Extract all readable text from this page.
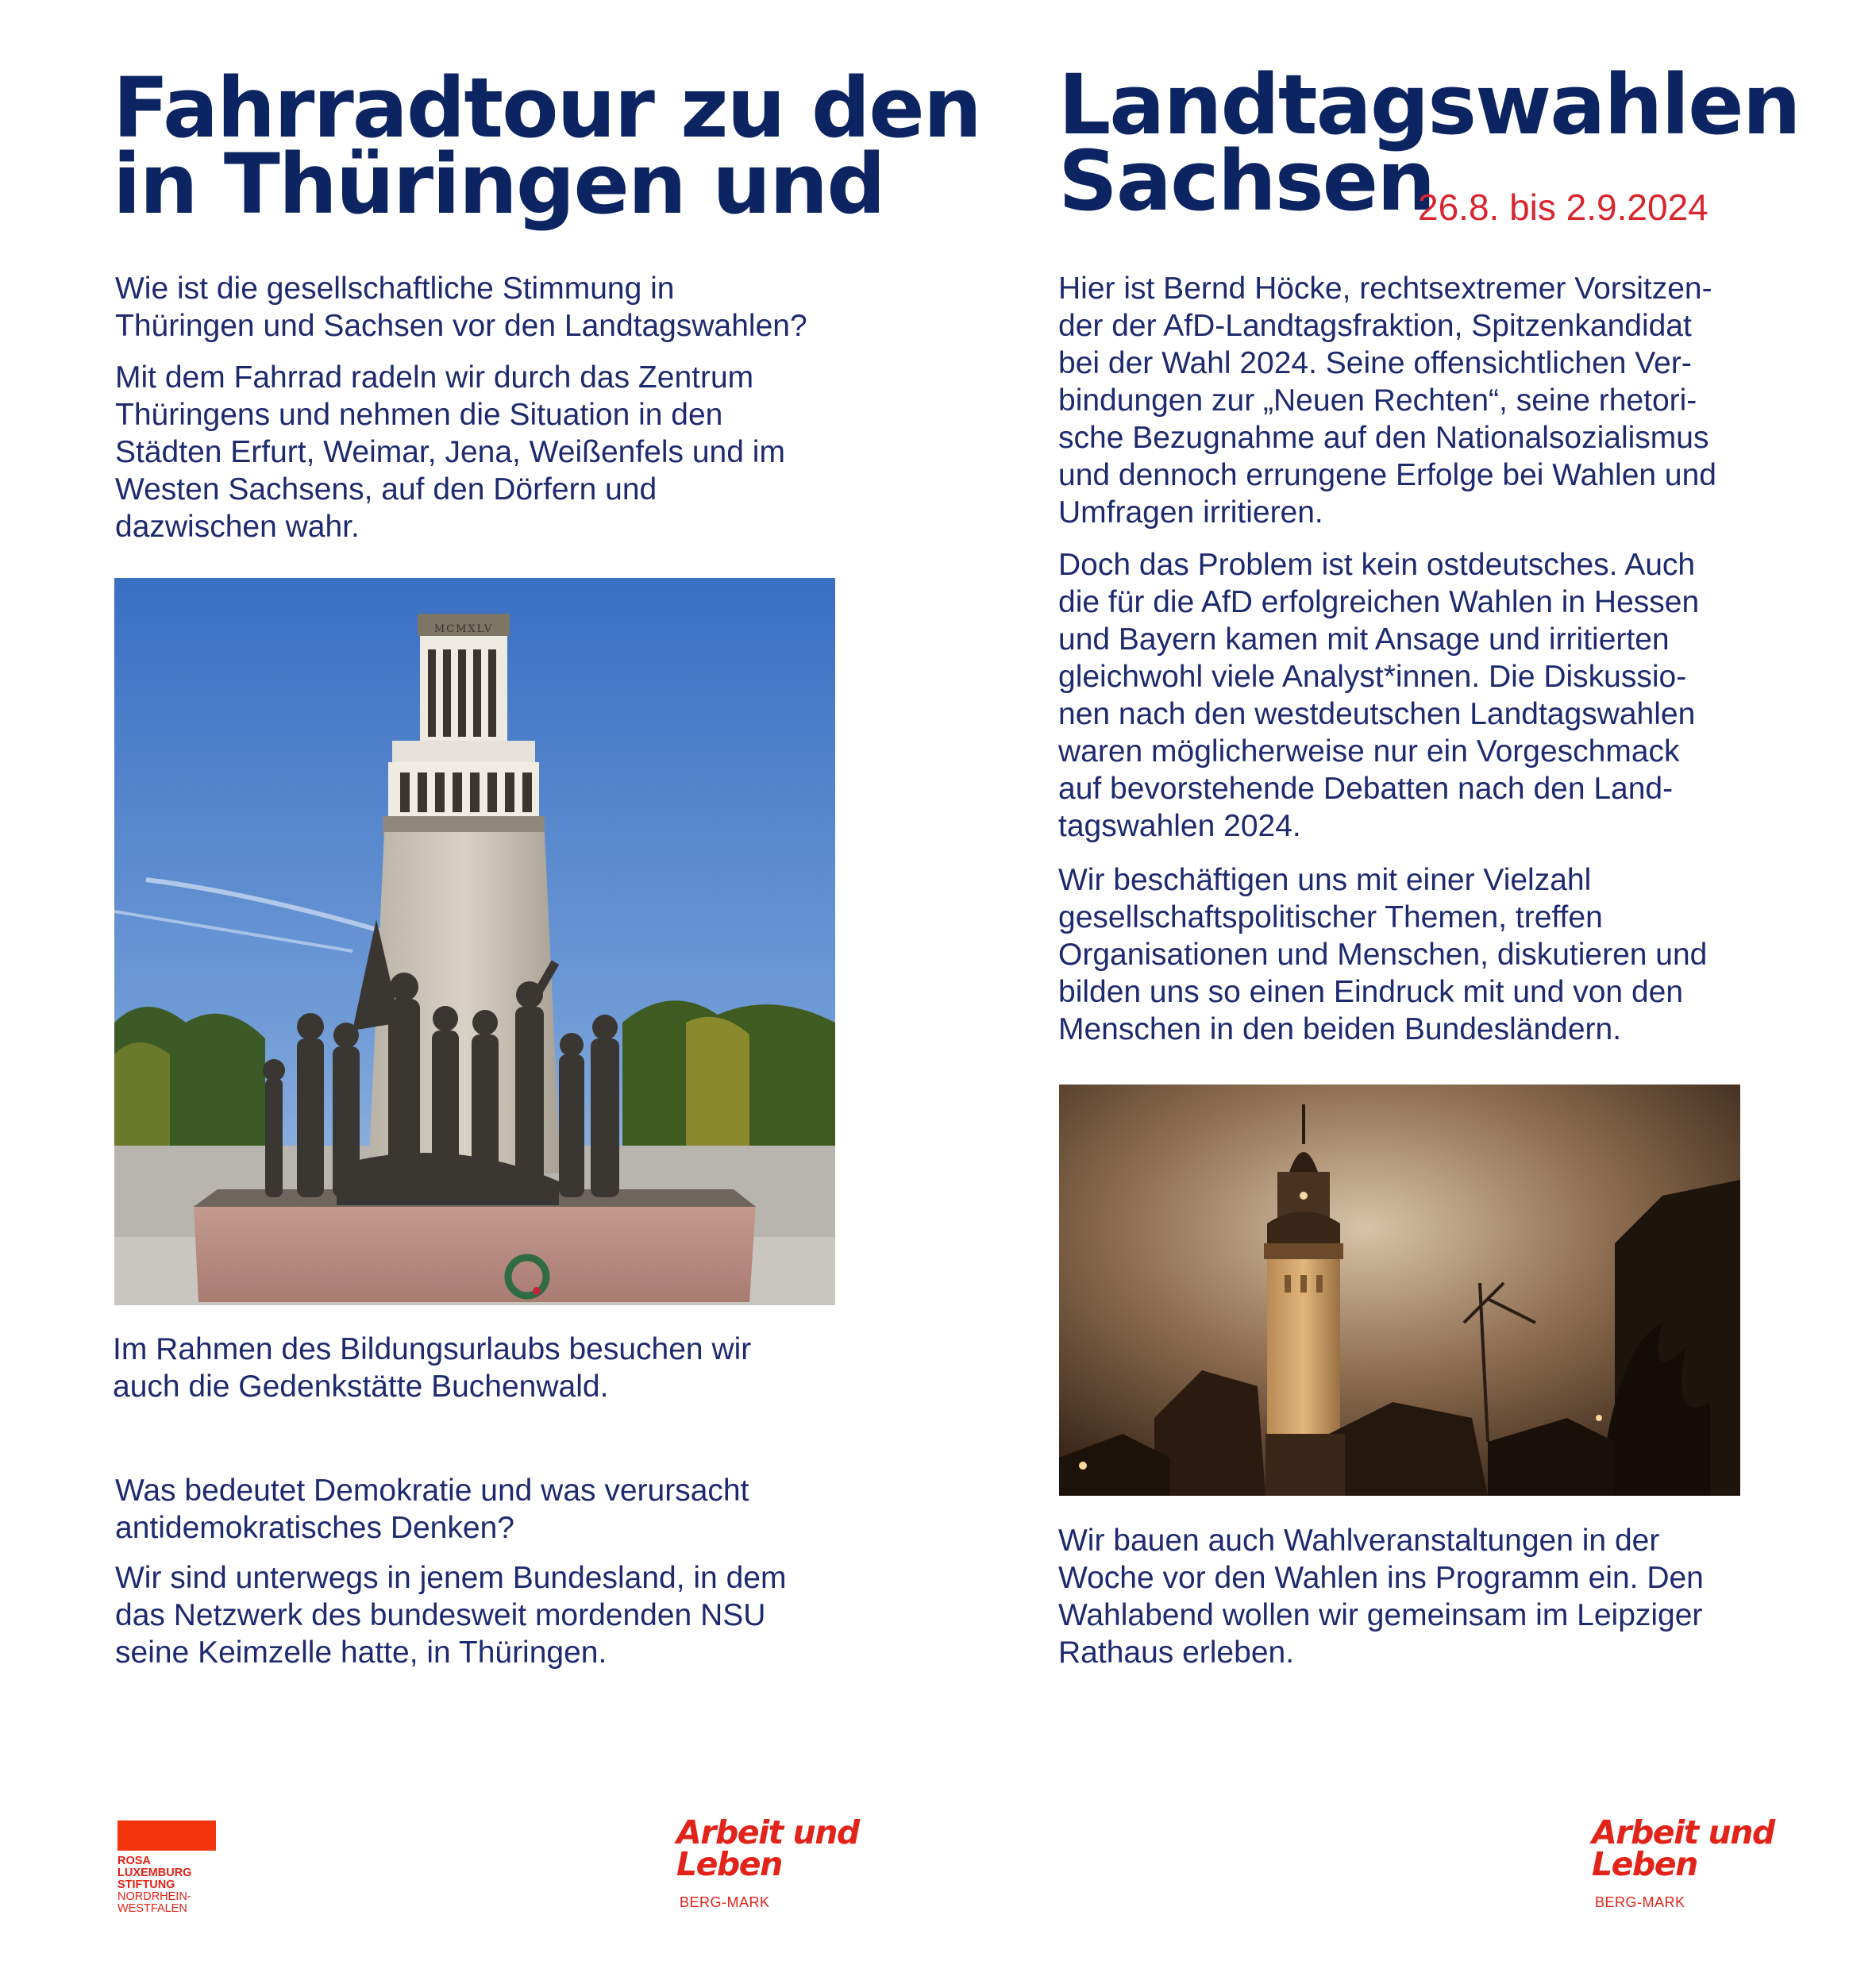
Fahrradtour zu den
in Thüringen und

Wie ist die gesellschaftliche Stimmung in
Thüringen und Sachsen vor den Landtagswahlen?

Mit dem Fahrrad radeln wir durch das Zentrum
Thüringens und nehmen die Situation in den
Städten Erfurt, Weimar, Jena, Weißenfels und im
Westen Sachsens, auf den Dörfern und
dazwischen wahr.

MCMXLV

Im Rahmen des Bildungsurlaubs besuchen wir
auch die Gedenkstätte Buchenwald.

Was bedeutet Demokratie und was verursacht
antidemokratisches Denken?

Wir sind unterwegs in jenem Bundesland, in dem
das Netzwerk des bundesweit mordenden NSU
seine Keimzelle hatte, in Thüringen.

Landtagswahlen
Sachsen
26.8. bis 2.9.2024

Hier ist Bernd Höcke, rechtsextremer Vorsitzen-
der der AfD-Landtagsfraktion, Spitzenkandidat
bei der Wahl 2024. Seine offensichtlichen Ver-
bindungen zur „Neuen Rechten“, seine rhetori-
sche Bezugnahme auf den Nationalsozialismus
und dennoch errungene Erfolge bei Wahlen und
Umfragen irritieren.

Doch das Problem ist kein ostdeutsches. Auch
die für die AfD erfolgreichen Wahlen in Hessen
und Bayern kamen mit Ansage und irritierten
gleichwohl viele Analyst*innen. Die Diskussio-
nen nach den westdeutschen Landtagswahlen
waren möglicherweise nur ein Vorgeschmack
auf bevorstehende Debatten nach den Land-
tagswahlen 2024.

Wir beschäftigen uns mit einer Vielzahl
gesellschaftspolitischer Themen, treffen
Organisationen und Menschen, diskutieren und
bilden uns so einen Eindruck mit und von den
Menschen in den beiden Bundesländern.

Wir bauen auch Wahlveranstaltungen in der
Woche vor den Wahlen ins Programm ein. Den
Wahlabend wollen wir gemeinsam im Leipziger
Rathaus erleben.

ROSA
LUXEMBURG
STIFTUNG
NORDRHEIN-
WESTFALEN
Arbeit und
Leben
BERG-MARK
Arbeit und
Leben
BERG-MARK
